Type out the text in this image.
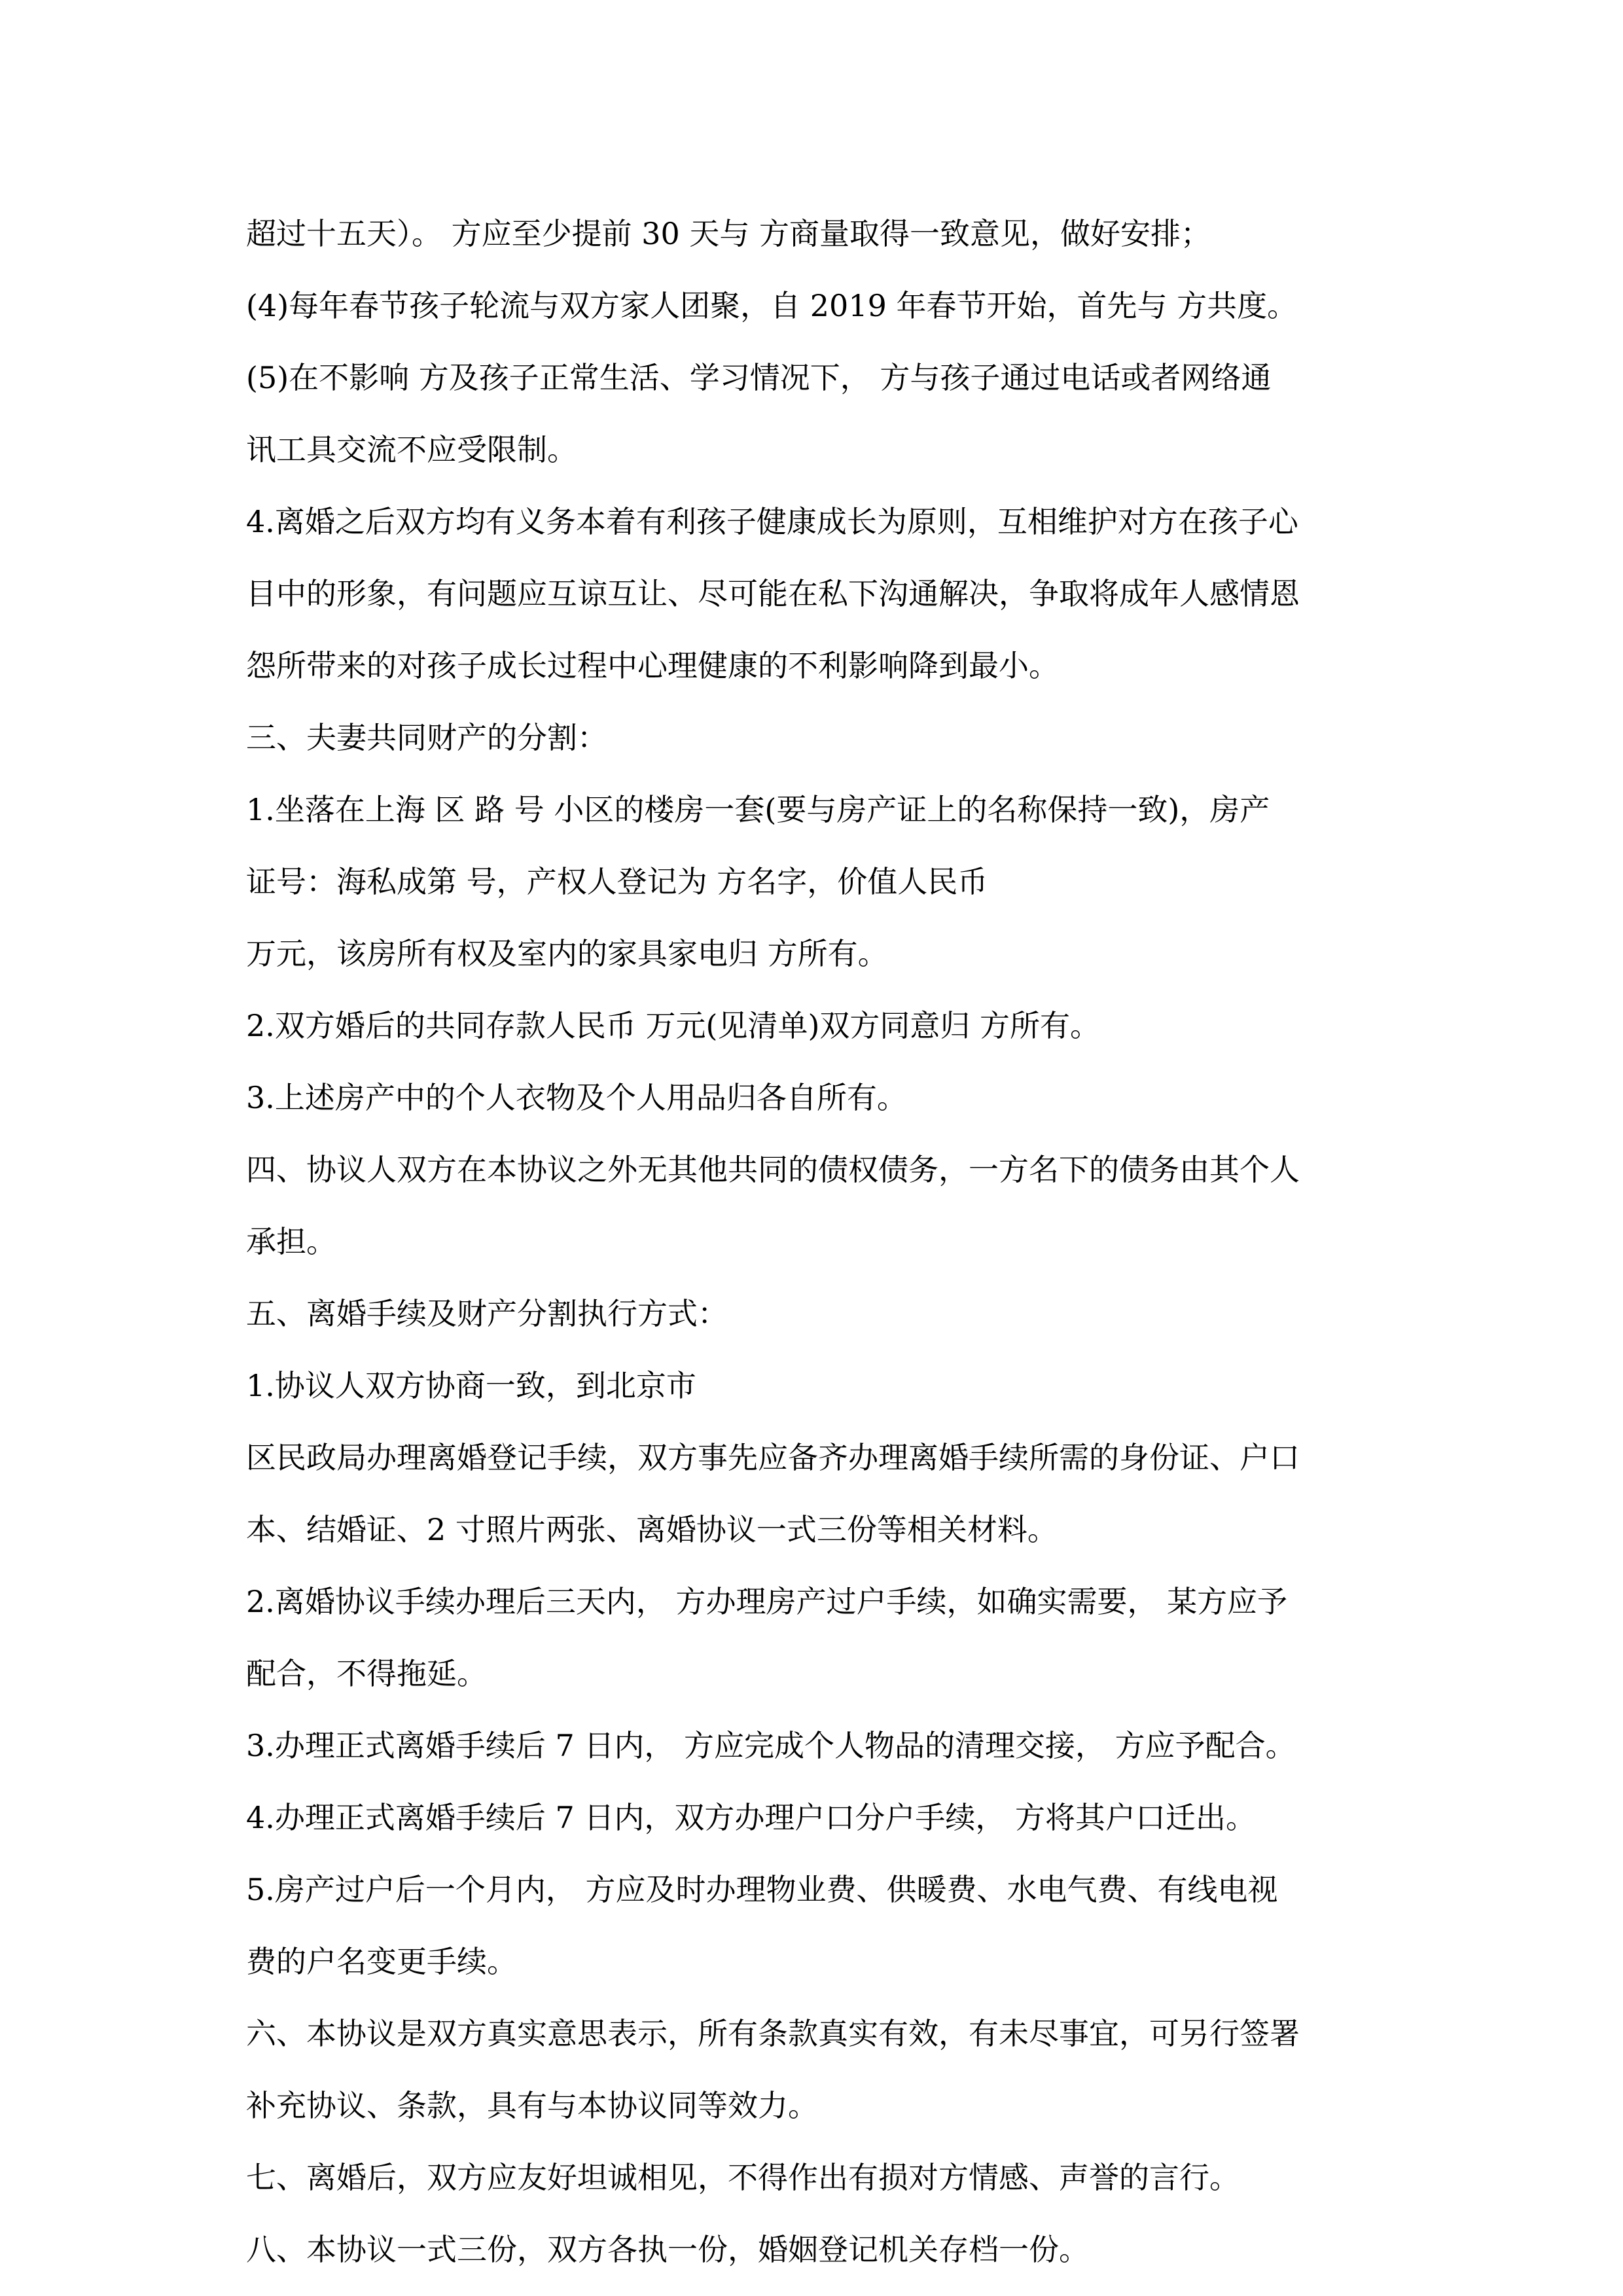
超过十五天）。 方应至少提前 30 天与 方商量取得一致意见，做好安排；
(4)每年春节孩子轮流与双方家人团聚，自 2019 年春节开始，首先与 方共度。
(5)在不影响 方及孩子正常生活、学习情况下， 方与孩子通过电话或者网络通
讯工具交流不应受限制。
4.离婚之后双方均有义务本着有利孩子健康成长为原则，互相维护对方在孩子心
目中的形象，有问题应互谅互让、尽可能在私下沟通解决，争取将成年人感情恩
怨所带来的对孩子成长过程中心理健康的不利影响降到最小。
三、夫妻共同财产的分割：
1.坐落在上海 区 路 号 小区的楼房一套(要与房产证上的名称保持一致)，房产
证号：海私成第 号，产权人登记为 方名字，价值人民币
万元，该房所有权及室内的家具家电归 方所有。
2.双方婚后的共同存款人民币 万元(见清单)双方同意归 方所有。
3.上述房产中的个人衣物及个人用品归各自所有。
四、协议人双方在本协议之外无其他共同的债权债务，一方名下的债务由其个人
承担。
五、离婚手续及财产分割执行方式：
1.协议人双方协商一致，到北京市
区民政局办理离婚登记手续，双方事先应备齐办理离婚手续所需的身份证、户口
本、结婚证、2 寸照片两张、离婚协议一式三份等相关材料。
2.离婚协议手续办理后三天内， 方办理房产过户手续，如确实需要， 某方应予
配合，不得拖延。
3.办理正式离婚手续后 7 日内， 方应完成个人物品的清理交接， 方应予配合。
4.办理正式离婚手续后 7 日内，双方办理户口分户手续， 方将其户口迁出。
5.房产过户后一个月内， 方应及时办理物业费、供暖费、水电气费、有线电视
费的户名变更手续。
六、本协议是双方真实意思表示，所有条款真实有效，有未尽事宜，可另行签署
补充协议、条款，具有与本协议同等效力。
七、离婚后，双方应友好坦诚相见，不得作出有损对方情感、声誉的言行。
八、本协议一式三份，双方各执一份，婚姻登记机关存档一份。
